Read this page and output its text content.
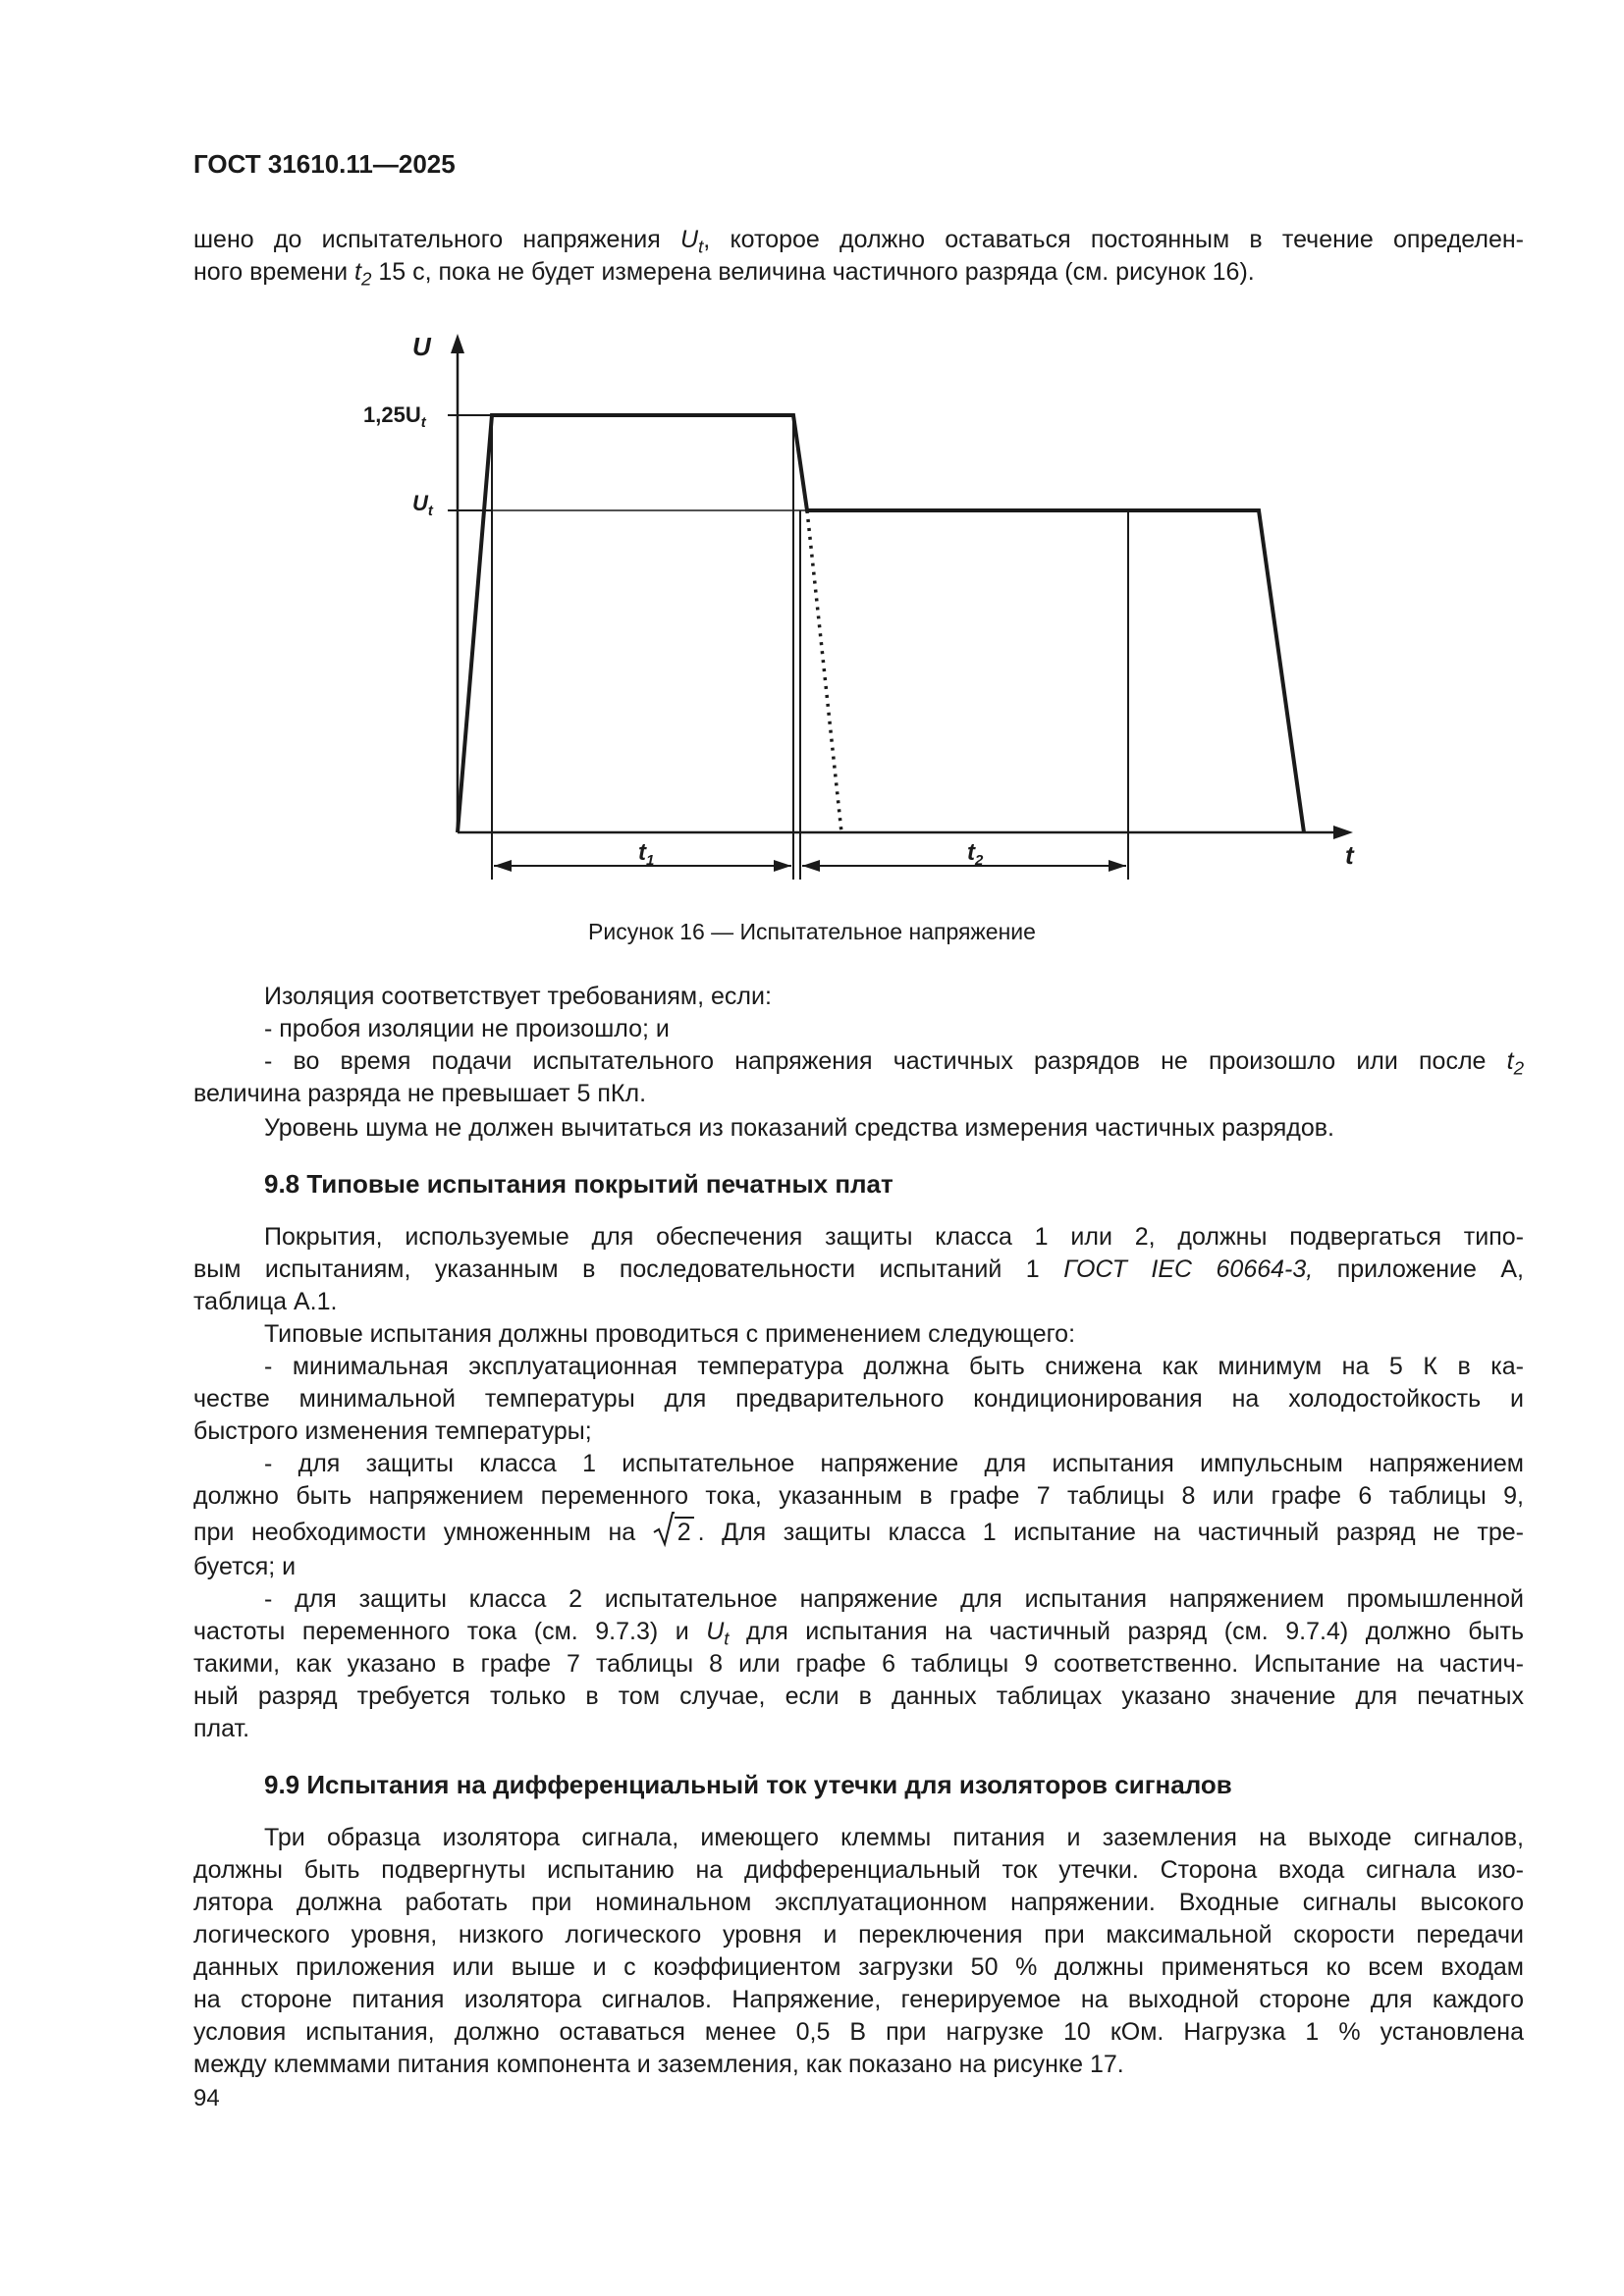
ГОСТ 31610.11—2025

шено до испытательного напряжения $U_t$, которое должно оставаться постоянным в течение определен-

ного времени $t_2$ 15 с, пока не будет измерена величина частичного разряда (см. рисунок 16).

U
t
$1,25U_t$
$U_t$
$t_1$	$t_2$
Рисунок 16 — Испытательное напряжение

Изоляция соответствует требованиям, если:

- пробоя изоляции не произошло; и

- во время подачи испытательного напряжения частичных разрядов не произошло или после $t_2$

величина разряда не превышает 5 пКл.

Уровень шума не должен вычитаться из показаний средства измерения частичных разрядов.

9.8 Типовые испытания покрытий печатных плат

Покрытия, используемые для обеспечения защиты класса 1 или 2, должны подвергаться типо-

вым испытаниям, указанным в последовательности испытаний 1 ГОСТ IEC 60664-3, приложение А,

таблица А.1.

Типовые испытания должны проводиться с применением следующего:

- минимальная эксплуатационная температура должна быть снижена как минимум на 5 К в ка-

честве минимальной температуры для предварительного кондиционирования на холодостойкость и

быстрого изменения температуры;

- для защиты класса 1 испытательное напряжение для испытания импульсным напряжением

должно быть напряжением переменного тока, указанным в графе 7 таблицы 8 или графе 6 таблицы 9,

при необходимости умноженным на
2 . Для защиты класса 1 испытание на частичный разряд не тре-

буется; и

- для защиты класса 2 испытательное напряжение для испытания напряжением промышленной

частоты переменного тока (см. 9.7.3) и $U_t$ для испытания на частичный разряд (см. 9.7.4) должно быть

такими, как указано в графе 7 таблицы 8 или графе 6 таблицы 9 соответственно. Испытание на частич-

ный разряд требуется только в том случае, если в данных таблицах указано значение для печатных

плат.

9.9 Испытания на дифференциальный ток утечки для изоляторов сигналов

Три образца изолятора сигнала, имеющего клеммы питания и заземления на выходе сигналов,

должны быть подвергнуты испытанию на дифференциальный ток утечки. Сторона входа сигнала изо-

лятора должна работать при номинальном эксплуатационном напряжении. Входные сигналы высокого

логического уровня, низкого логического уровня и переключения при максимальной скорости передачи

данных приложения или выше и с коэффициентом загрузки 50 % должны применяться ко всем входам

на стороне питания изолятора сигналов. Напряжение, генерируемое на выходной стороне для каждого

условия испытания, должно оставаться менее 0,5 В при нагрузке 10 кОм. Нагрузка 1 % установлена

между клеммами питания компонента и заземления, как показано на рисунке 17.

94
